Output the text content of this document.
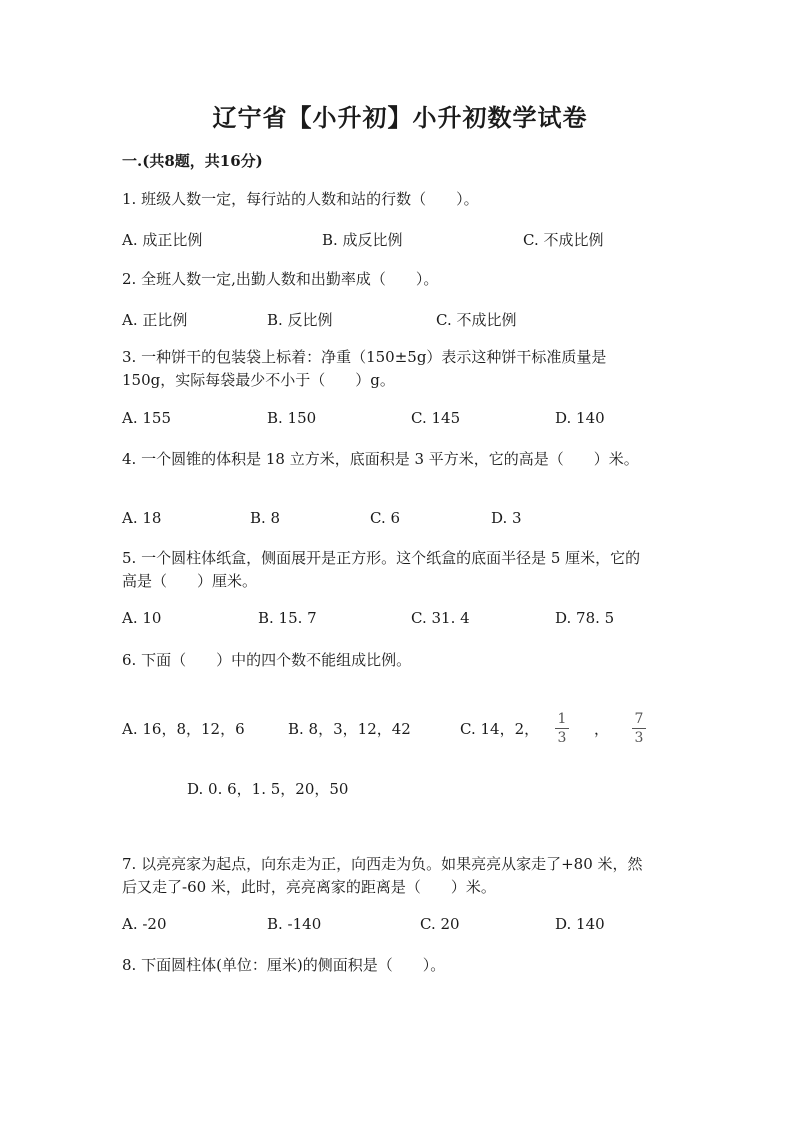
辽宁省【小升初】小升初数学试卷
一.(共8题，共16分)
1. 班级人数一定，每行站的人数和站的行数（　　）。
A. 成正比例	B. 成反比例	C. 不成比例
2. 全班人数一定,出勤人数和出勤率成（　　）。
A. 正比例	B. 反比例	C. 不成比例
3. 一种饼干的包装袋上标着：净重（150±5g）表示这种饼干标准质量是
150g，实际每袋最少不小于（　　）g。
A. 155	B. 150	C. 145	D. 140
4. 一个圆锥的体积是 18 立方米，底面积是 3 平方米，它的高是（　　）米。
A. 18	B. 8	C. 6	D. 3
5. 一个圆柱体纸盒，侧面展开是正方形。这个纸盒的底面半径是 5 厘米，它的
高是（　　）厘米。
A. 10	B. 15. 7	C. 31. 4	D. 78. 5
6. 下面（　　）中的四个数不能组成比例。
A. 16，8，12，6	B. 8，3，12，42	C. 14，2，
1
3 ，
7
3
D. 0. 6，1. 5，20，50
7. 以亮亮家为起点，向东走为正，向西走为负。如果亮亮从家走了+80 米，然
后又走了-60 米，此时，亮亮离家的距离是（　　）米。
A. -20	B. -140	C. 20	D. 140
8. 下面圆柱体(单位：厘米)的侧面积是（　　）。
